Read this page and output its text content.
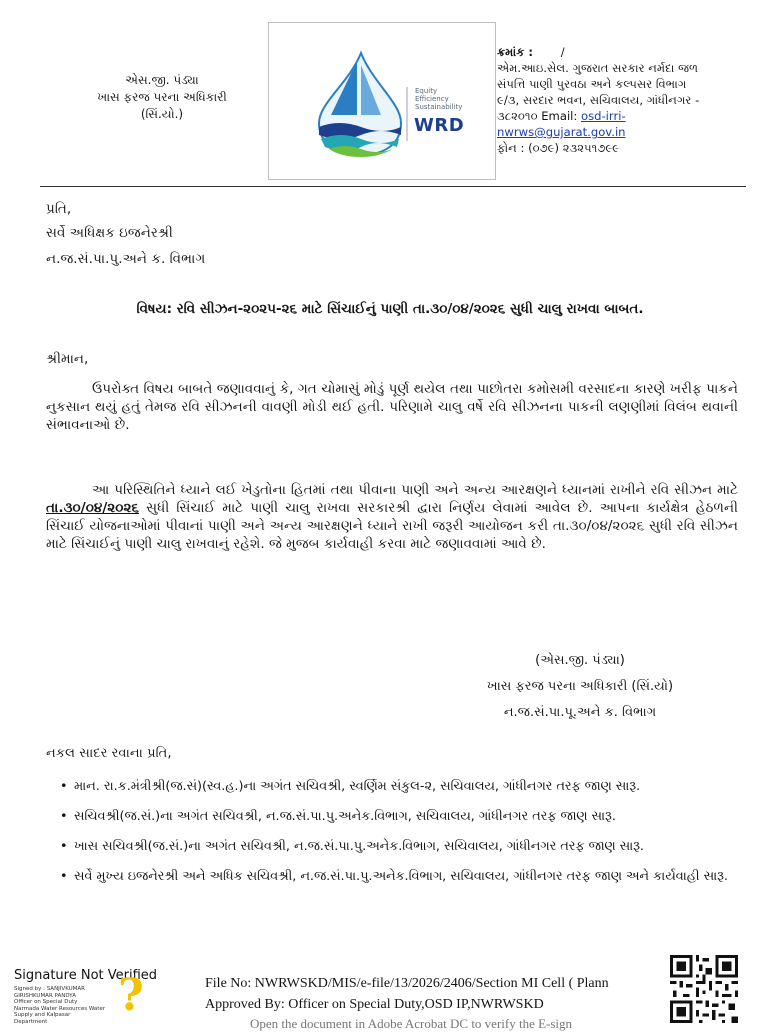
એસ.જી. પંડ્યા
ખાસ ફરજ પરના અધિકારી
(સિં.યો.)
Equity
Efficiency
Sustainability
WRD
ક્રમાંક : /
એમ.આઇ.સેલ. ગુજરાત સરકાર નર્મદા જળ
સંપત્તિ પાણી પુરવઠા અને કલ્પસર વિભાગ
૯/૩, સરદાર ભવન, સચિવાલય, ગાંધીનગર -
૩૮૨૦૧૦ Email: osd-irri-
nwrws@gujarat.gov.in
ફોન : (૦૭૯) ૨૩૨૫૧૭૯૯
પ્રતિ,
સર્વે અધિક્ષક ઇજનેરશ્રી
ન.જ.સં.પા.પુ.અને ક. વિભાગ
વિષય: રવિ સીઝન-૨૦૨૫-૨૬ માટે સિંચાઈનું પાણી તા.૩૦/૦૪/૨૦૨૬ સુધી ચાલુ રાખવા બાબત.
શ્રીમાન,
ઉપરોક્ત વિષય બાબતે જણાવવાનું કે, ગત ચોમાસું મોડું પૂર્ણ થયેલ તથા પાછોતરા કમોસમી વરસાદના કારણે ખરીફ પાકને નુકસાન થયું હતું તેમજ રવિ સીઝનની વાવણી મોડી થઈ હતી. પરિણામે ચાલુ વર્ષે રવિ સીઝનના પાકની લણણીમાં વિલંબ થવાની સંભાવનાઓ છે.
આ પરિસ્થિતિને ધ્યાને લઈ ખેડુતોના હિતમાં તથા પીવાના પાણી અને અન્ય આરક્ષણને ધ્યાનમાં રાખીને રવિ સીઝન માટે તા.૩૦/૦૪/૨૦૨૬ સુધી સિંચાઈ માટે પાણી ચાલુ રાખવા સરકારશ્રી દ્વારા નિર્ણય લેવામાં આવેલ છે. આપના કાર્યક્ષેત્ર હેઠળની સિંચાઈ યોજનાઓમાં પીવાનાં પાણી અને અન્ય આરક્ષણને ધ્યાને રાખી જરૂરી આયોજન કરી તા.૩૦/૦૪/૨૦૨૬ સુધી રવિ સીઝન માટે સિંચાઈનું પાણી ચાલુ રાખવાનું રહેશે. જે મુજબ કાર્યવાહી કરવા માટે જણાવવામાં આવે છે.
(એસ.જી. પંડ્યા)
ખાસ ફરજ પરના અધિકારી (સિં.યો)
ન.જ.સં.પા.પૂ.અને ક. વિભાગ
નકલ સાદર રવાના પ્રતિ,
• માન. રા.ક.મંત્રીશ્રી(જ.સં)(સ્વ.હ.)ના અગંત સચિવશ્રી, સ્વર્ણિમ સંકુલ-૨, સચિવાલય, ગાંધીનગર તરફ જાણ સારૂ.
• સચિવશ્રી(જ.સં.)ના અગંત સચિવશ્રી, ન.જ.સં.પા.પુ.અનેક.વિભાગ, સચિવાલય, ગાંધીનગર તરફ જાણ સારૂ.
• ખાસ સચિવશ્રી(જ.સં.)ના અગંત સચિવશ્રી, ન.જ.સં.પા.પુ.અનેક.વિભાગ, સચિવાલય, ગાંધીનગર તરફ જાણ સારૂ.
• સર્વે મુખ્ય ઇજનેરશ્રી અને અધિક સચિવશ્રી, ન.જ.સં.પા.પુ.અનેક.વિભાગ, સચિવાલય, ગાંધીનગર તરફ જાણ અને કાર્યવાહી સારૂ.
Signature Not Verified
Signed by : SANJIVKUMAR
GIRISHKUMAR PANDYA
Officer on Special Duty
Narmada Water Resources Water
Supply and Kalpasar
Department
?	File No: NWRWSKD/MIS/e-file/13/2026/2406/Section MI Cell ( Plann
Approved By: Officer on Special Duty,OSD IP,NWRWSKD
Open the document in Adobe Acrobat DC to verify the E-sign
